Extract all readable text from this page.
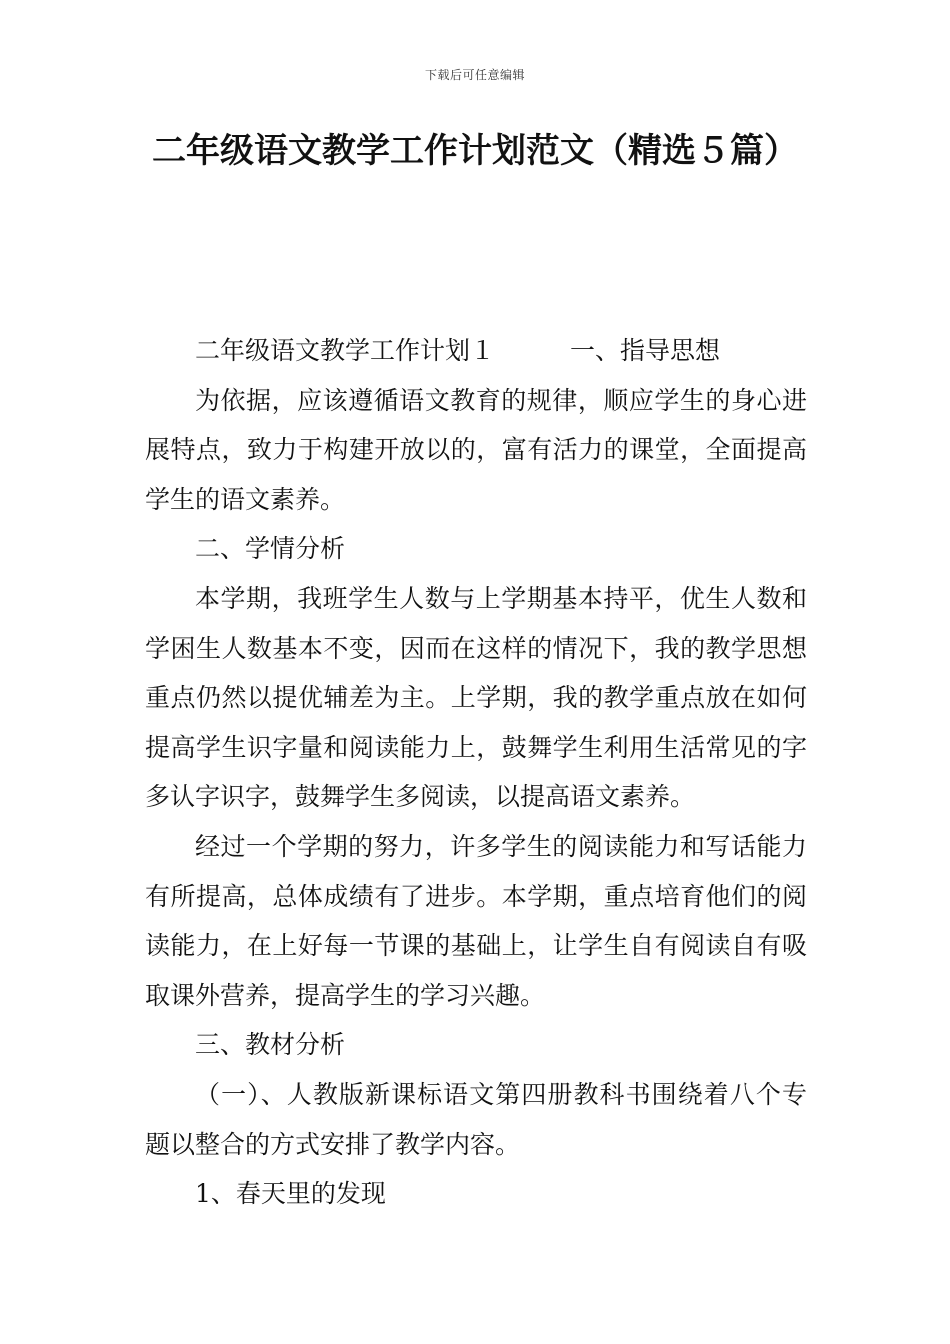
下载后可任意编辑
二年级语文教学工作计划范文（精选５篇）

二年级语文教学工作计划１　　　一、指导思想

为依据，应该遵循语文教育的规律，顺应学生的身心进展特点，致力于构建开放以的，富有活力的课堂，全面提高学生的语文素养。

二、学情分析

本学期，我班学生人数与上学期基本持平，优生人数和学困生人数基本不变，因而在这样的情况下，我的教学思想重点仍然以提优辅差为主。上学期，我的教学重点放在如何提高学生识字量和阅读能力上，鼓舞学生利用生活常见的字多认字识字，鼓舞学生多阅读，以提高语文素养。

经过一个学期的努力，许多学生的阅读能力和写话能力有所提高，总体成绩有了进步。本学期，重点培育他们的阅读能力，在上好每一节课的基础上，让学生自有阅读自有吸取课外营养，提高学生的学习兴趣。

三、教材分析

（一）、人教版新课标语文第四册教科书围绕着八个专题以整合的方式安排了教学内容。

1、春天里的发现
